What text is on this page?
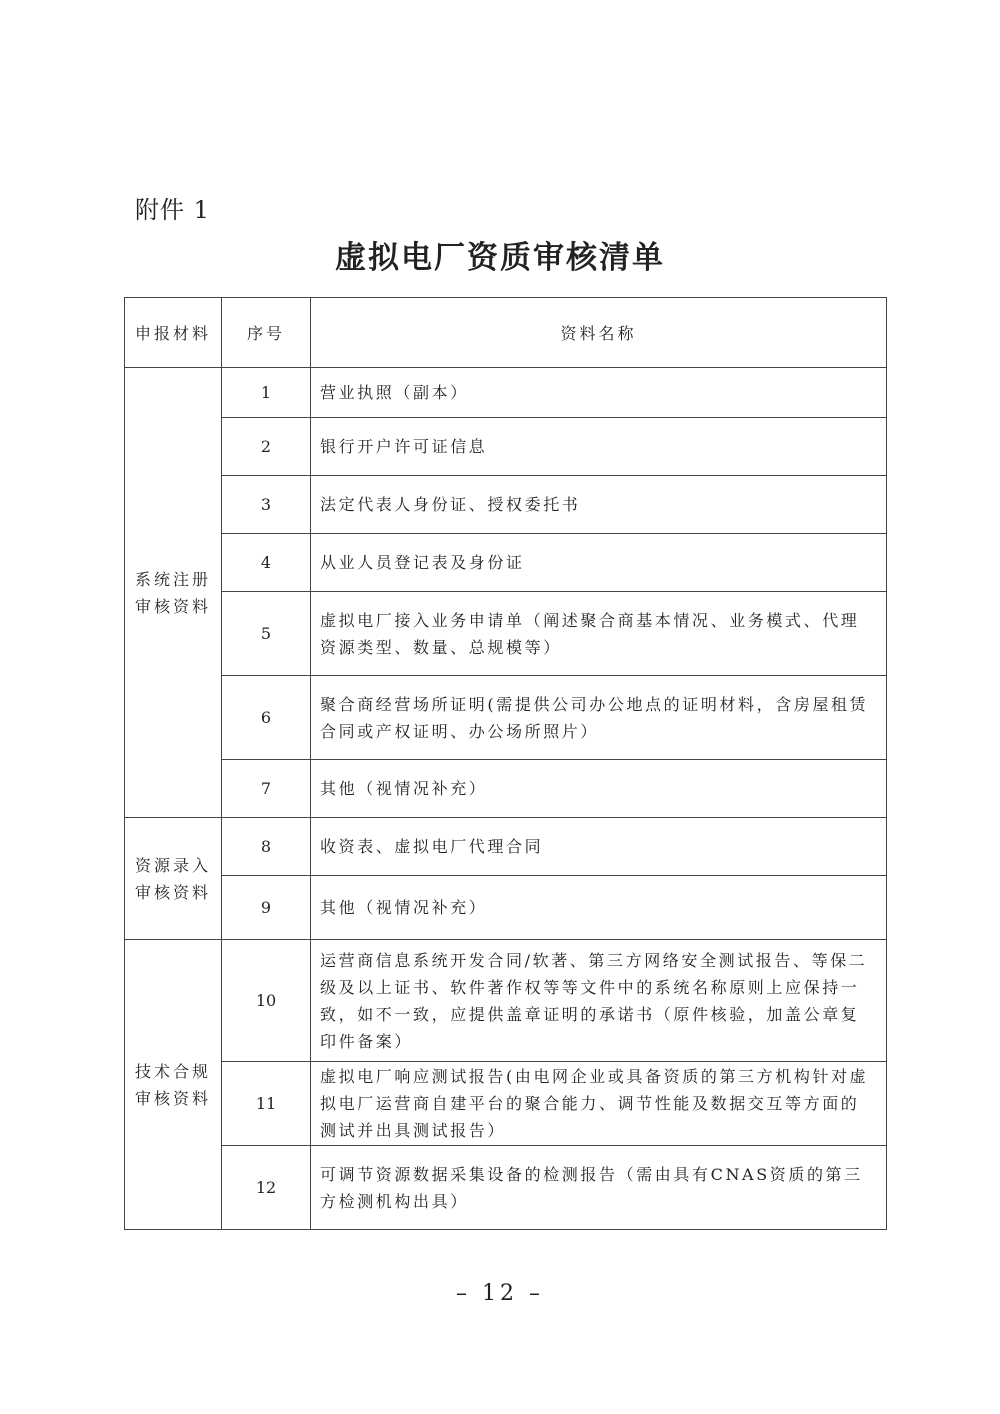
附件 1
虚拟电厂资质审核清单
申报材料	序号	资料名称
系统注册
审核资料	1	营业执照（副本）
	2	银行开户许可证信息
	3	法定代表人身份证、授权委托书
	4	从业人员登记表及身份证
	5	虚拟电厂接入业务申请单（阐述聚合商基本情况、业务模式、代理资源类型、数量、总规模等）
	6	聚合商经营场所证明(需提供公司办公地点的证明材料，含房屋租赁合同或产权证明、办公场所照片）
	7	其他（视情况补充）
资源录入
审核资料	8	收资表、虚拟电厂代理合同
	9	其他（视情况补充）
技术合规
审核资料	10	运营商信息系统开发合同/软著、第三方网络安全测试报告、等保二级及以上证书、软件著作权等等文件中的系统名称原则上应保持一致，如不一致，应提供盖章证明的承诺书（原件核验，加盖公章复印件备案）
	11	虚拟电厂响应测试报告(由电网企业或具备资质的第三方机构针对虚拟电厂运营商自建平台的聚合能力、调节性能及数据交互等方面的测试并出具测试报告）
	12	可调节资源数据采集设备的检测报告（需由具有CNAS资质的第三方检测机构出具）
– 12 –
